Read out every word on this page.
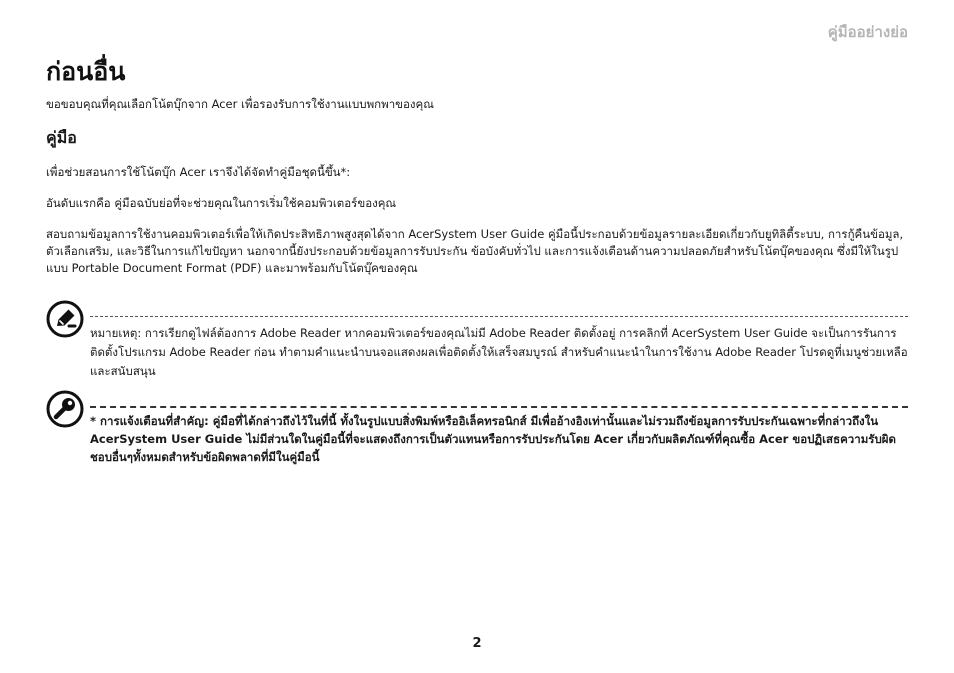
คู่มืออย่างย่อ
ก่อนอื่น

ขอขอบคุณที่คุณเลือกโน้ตบุ๊กจาก Acer เพื่อรองรับการใช้งานแบบพกพาของคุณ

คู่มือ

เพื่อช่วยสอนการใช้โน้ตบุ๊ก Acer เราจึงได้จัดทำคู่มือชุดนี้ขึ้น*:

อันดับแรกคือ คู่มือฉบับย่อที่จะช่วยคุณในการเริ่มใช้คอมพิวเตอร์ของคุณ

สอบถามข้อมูลการใช้งานคอมพิวเตอร์เพื่อให้เกิดประสิทธิภาพสูงสุดได้จาก AcerSystem User Guide คู่มือนี้ประกอบด้วยข้อมูลรายละเอียดเกี่ยวกับยูทิลิตี้ระบบ, การกู้คืนข้อมูล, ตัวเลือกเสริม, และวิธีในการแก้ไขปัญหา นอกจากนี้ยังประกอบด้วยข้อมูลการรับประกัน ข้อบังคับทั่วไป และการแจ้งเตือนด้านความปลอดภัยสำหรับโน้ตบุ๊คของคุณ ซึ่งมีให้ในรูปแบบ Portable Document Format (PDF) และมาพร้อมกับโน้ตบุ๊คของคุณ

หมายเหตุ: การเรียกดูไฟล์ต้องการ Adobe Reader หากคอมพิวเตอร์ของคุณไม่มี Adobe Reader ติดตั้งอยู่ การคลิกที่ AcerSystem User Guide จะเป็นการรันการติดตั้งโปรแกรม Adobe Reader ก่อน ทำตามคำแนะนำบนจอแสดงผลเพื่อติดตั้งให้เสร็จสมบูรณ์ สำหรับคำแนะนำในการใช้งาน Adobe Reader โปรดดูที่เมนูช่วยเหลือและสนับสนุน

* การแจ้งเตือนที่สำคัญ: คู่มือที่ได้กล่าวถึงไว้ในที่นี้ ทั้งในรูปแบบสิ่งพิมพ์หรืออิเล็คทรอนิกส์ มีเพื่ออ้างอิงเท่านั้นและไม่รวมถึงข้อมูลการรับประกันเฉพาะที่กล่าวถึงใน AcerSystem User Guide ไม่มีส่วนใดในคู่มือนี้ที่จะแสดงถึงการเป็นตัวแทนหรือการรับประกันโดย Acer เกี่ยวกับผลิตภัณฑ์ที่คุณซื้อ Acer ขอปฏิเสธความรับผิดชอบอื่นๆทั้งหมดสำหรับข้อผิดพลาดที่มีในคู่มือนี้

2
